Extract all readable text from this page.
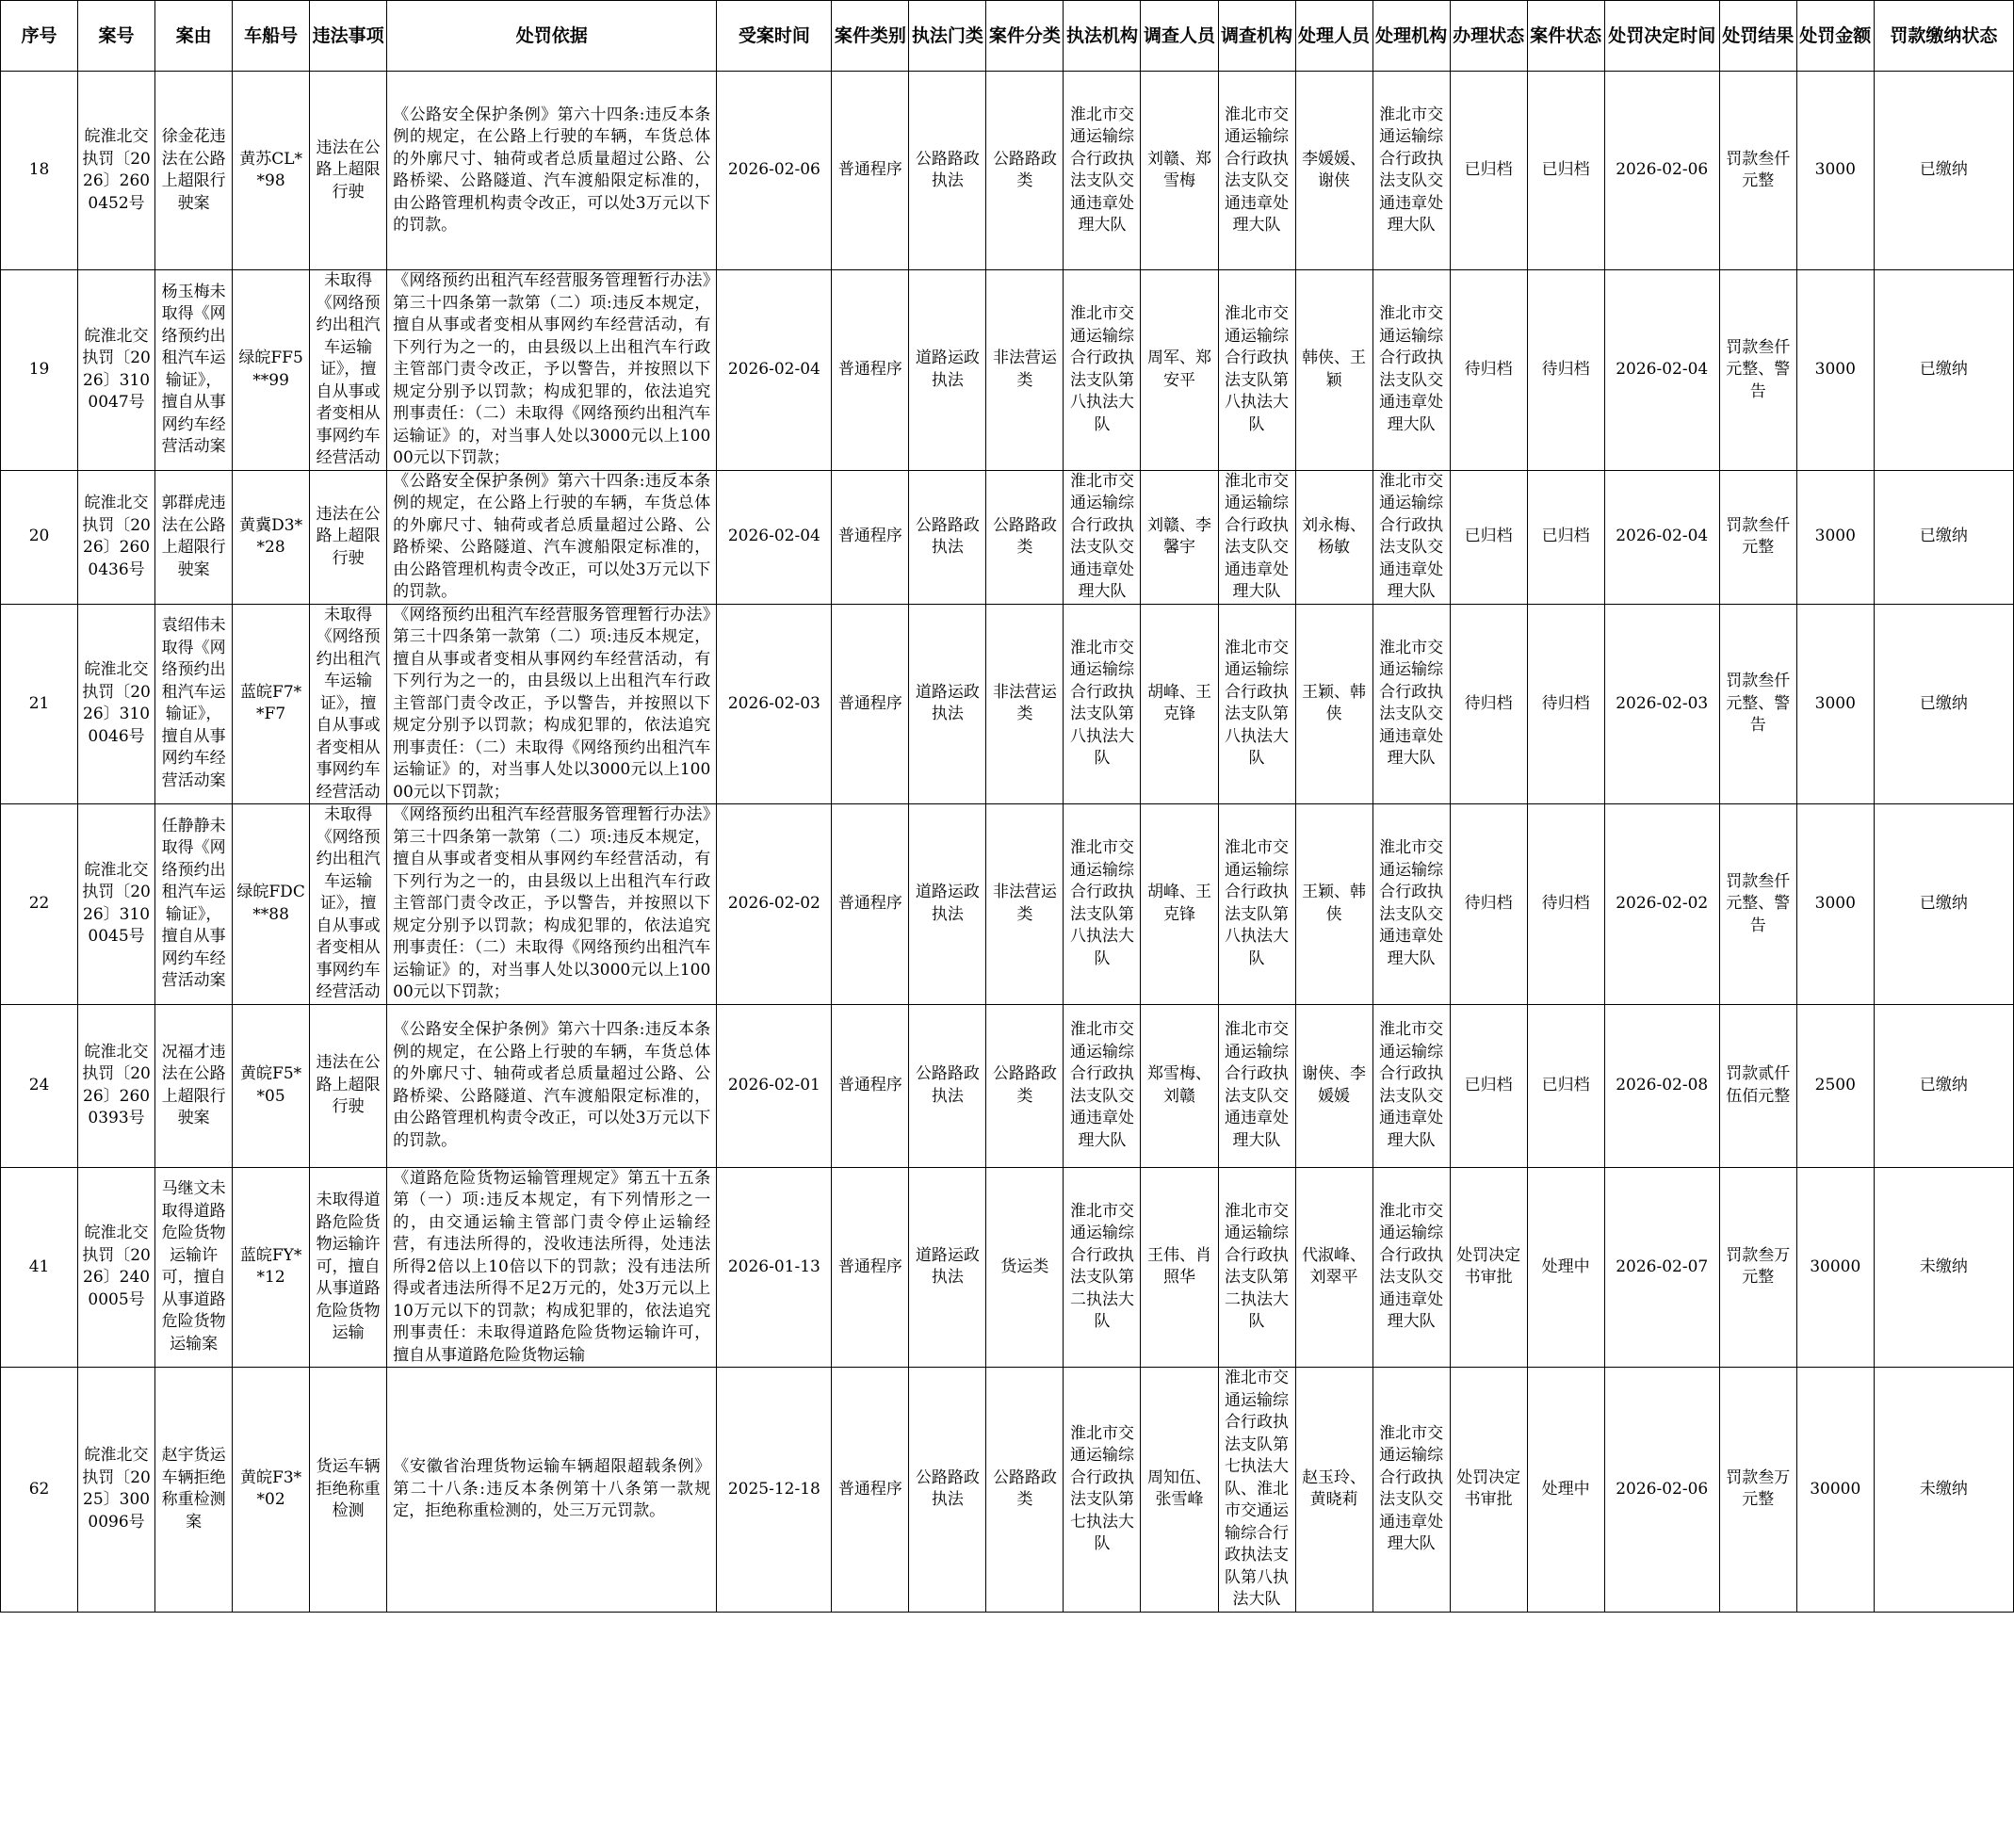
序号	案号	案由	车船号	违法事项	处罚依据	受案时间	案件类别	执法门类	案件分类	执法机构	调查人员	调查机构	处理人员	处理机构	办理状态	案件状态	处罚决定时间	处罚结果	处罚金额	罚款缴纳状态
18	皖淮北交执罚〔2026〕2600452号	徐金花违法在公路上超限行驶案	黄苏CL**98	违法在公路上超限行驶	《公路安全保护条例》第六十四条:违反本条例的规定，在公路上行驶的车辆，车货总体的外廓尺寸、轴荷或者总质量超过公路、公路桥梁、公路隧道、汽车渡船限定标准的，由公路管理机构责令改正，可以处3万元以下的罚款。	2026-02-06	普通程序	公路路政执法	公路路政类	淮北市交通运输综合行政执法支队交通违章处理大队	刘赣、郑雪梅	淮北市交通运输综合行政执法支队交通违章处理大队	李媛媛、谢侠	淮北市交通运输综合行政执法支队交通违章处理大队	已归档	已归档	2026-02-06	罚款叁仟元整	3000	已缴纳
19	皖淮北交执罚〔2026〕3100047号	杨玉梅未取得《网络预约出租汽车运输证》，擅自从事网约车经营活动案	绿皖FF5**99	未取得《网络预约出租汽车运输证》，擅自从事或者变相从事网约车经营活动	《网络预约出租汽车经营服务管理暂行办法》第三十四条第一款第（二）项:违反本规定，擅自从事或者变相从事网约车经营活动，有下列行为之一的，由县级以上出租汽车行政主管部门责令改正，予以警告，并按照以下规定分别予以罚款；构成犯罪的，依法追究刑事责任：（二）未取得《网络预约出租汽车运输证》的，对当事人处以3000元以上10000元以下罚款；	2026-02-04	普通程序	道路运政执法	非法营运类	淮北市交通运输综合行政执法支队第八执法大队	周军、郑安平	淮北市交通运输综合行政执法支队第八执法大队	韩侠、王颖	淮北市交通运输综合行政执法支队交通违章处理大队	待归档	待归档	2026-02-04	罚款叁仟元整、警告	3000	已缴纳
20	皖淮北交执罚〔2026〕2600436号	郭群虎违法在公路上超限行驶案	黄冀D3**28	违法在公路上超限行驶	《公路安全保护条例》第六十四条:违反本条例的规定，在公路上行驶的车辆，车货总体的外廓尺寸、轴荷或者总质量超过公路、公路桥梁、公路隧道、汽车渡船限定标准的，由公路管理机构责令改正，可以处3万元以下的罚款。	2026-02-04	普通程序	公路路政执法	公路路政类	淮北市交通运输综合行政执法支队交通违章处理大队	刘赣、李馨宇	淮北市交通运输综合行政执法支队交通违章处理大队	刘永梅、杨敏	淮北市交通运输综合行政执法支队交通违章处理大队	已归档	已归档	2026-02-04	罚款叁仟元整	3000	已缴纳
21	皖淮北交执罚〔2026〕3100046号	袁绍伟未取得《网络预约出租汽车运输证》，擅自从事网约车经营活动案	蓝皖F7**F7	未取得《网络预约出租汽车运输证》，擅自从事或者变相从事网约车经营活动	《网络预约出租汽车经营服务管理暂行办法》第三十四条第一款第（二）项:违反本规定，擅自从事或者变相从事网约车经营活动，有下列行为之一的，由县级以上出租汽车行政主管部门责令改正，予以警告，并按照以下规定分别予以罚款；构成犯罪的，依法追究刑事责任：（二）未取得《网络预约出租汽车运输证》的，对当事人处以3000元以上10000元以下罚款；	2026-02-03	普通程序	道路运政执法	非法营运类	淮北市交通运输综合行政执法支队第八执法大队	胡峰、王克锋	淮北市交通运输综合行政执法支队第八执法大队	王颖、韩侠	淮北市交通运输综合行政执法支队交通违章处理大队	待归档	待归档	2026-02-03	罚款叁仟元整、警告	3000	已缴纳
22	皖淮北交执罚〔2026〕3100045号	任静静未取得《网络预约出租汽车运输证》，擅自从事网约车经营活动案	绿皖FDC**88	未取得《网络预约出租汽车运输证》，擅自从事或者变相从事网约车经营活动	《网络预约出租汽车经营服务管理暂行办法》第三十四条第一款第（二）项:违反本规定，擅自从事或者变相从事网约车经营活动，有下列行为之一的，由县级以上出租汽车行政主管部门责令改正，予以警告，并按照以下规定分别予以罚款；构成犯罪的，依法追究刑事责任：（二）未取得《网络预约出租汽车运输证》的，对当事人处以3000元以上10000元以下罚款；	2026-02-02	普通程序	道路运政执法	非法营运类	淮北市交通运输综合行政执法支队第八执法大队	胡峰、王克锋	淮北市交通运输综合行政执法支队第八执法大队	王颖、韩侠	淮北市交通运输综合行政执法支队交通违章处理大队	待归档	待归档	2026-02-02	罚款叁仟元整、警告	3000	已缴纳
24	皖淮北交执罚〔2026〕2600393号	况福才违法在公路上超限行驶案	黄皖F5**05	违法在公路上超限行驶	《公路安全保护条例》第六十四条:违反本条例的规定，在公路上行驶的车辆，车货总体的外廓尺寸、轴荷或者总质量超过公路、公路桥梁、公路隧道、汽车渡船限定标准的，由公路管理机构责令改正，可以处3万元以下的罚款。	2026-02-01	普通程序	公路路政执法	公路路政类	淮北市交通运输综合行政执法支队交通违章处理大队	郑雪梅、刘赣	淮北市交通运输综合行政执法支队交通违章处理大队	谢侠、李媛媛	淮北市交通运输综合行政执法支队交通违章处理大队	已归档	已归档	2026-02-08	罚款贰仟伍佰元整	2500	已缴纳
41	皖淮北交执罚〔2026〕2400005号	马继文未取得道路危险货物运输许可，擅自从事道路危险货物运输案	蓝皖FY**12	未取得道路危险货物运输许可，擅自从事道路危险货物运输	《道路危险货物运输管理规定》第五十五条第（一）项:违反本规定，有下列情形之一的，由交通运输主管部门责令停止运输经营，有违法所得的，没收违法所得，处违法所得2倍以上10倍以下的罚款；没有违法所得或者违法所得不足2万元的，处3万元以上10万元以下的罚款；构成犯罪的，依法追究刑事责任：未取得道路危险货物运输许可，擅自从事道路危险货物运输	2026-01-13	普通程序	道路运政执法	货运类	淮北市交通运输综合行政执法支队第二执法大队	王伟、肖照华	淮北市交通运输综合行政执法支队第二执法大队	代淑峰、刘翠平	淮北市交通运输综合行政执法支队交通违章处理大队	处罚决定书审批	处理中	2026-02-07	罚款叁万元整	30000	未缴纳
62	皖淮北交执罚〔2025〕3000096号	赵宇货运车辆拒绝称重检测案	黄皖F3**02	货运车辆拒绝称重检测	《安徽省治理货物运输车辆超限超载条例》第二十八条:违反本条例第十八条第一款规定，拒绝称重检测的，处三万元罚款。	2025-12-18	普通程序	公路路政执法	公路路政类	淮北市交通运输综合行政执法支队第七执法大队	周知伍、张雪峰	淮北市交通运输综合行政执法支队第七执法大队、淮北市交通运输综合行政执法支队第八执法大队	赵玉玲、黄晓莉	淮北市交通运输综合行政执法支队交通违章处理大队	处罚决定书审批	处理中	2026-02-06	罚款叁万元整	30000	未缴纳
